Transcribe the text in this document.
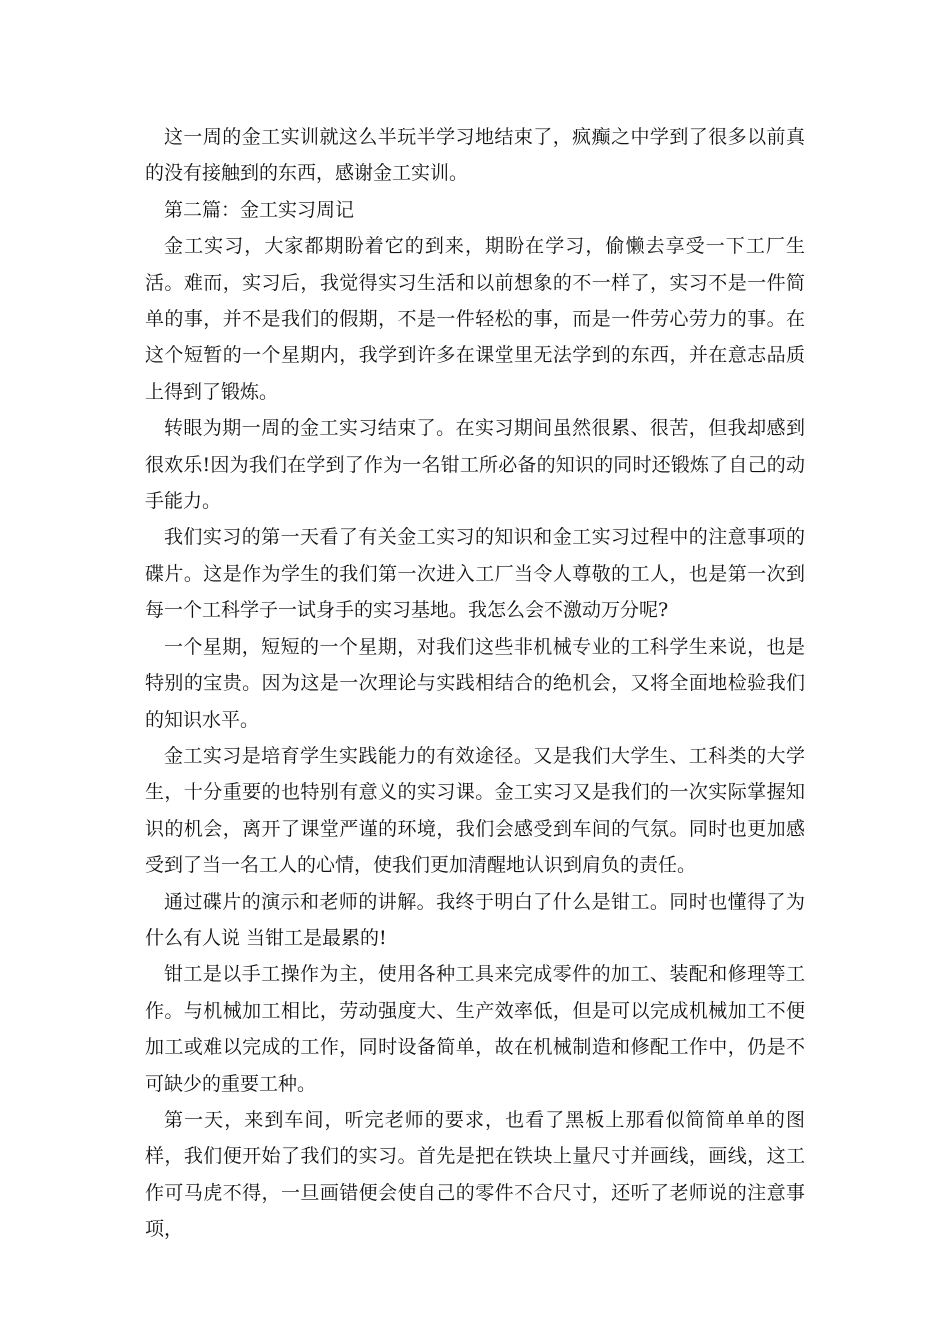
这一周的金工实训就这么半玩半学习地结束了，疯癫之中学到了很多以前真的没有接触到的东西，感谢金工实训。

第二篇：金工实习周记

金工实习，大家都期盼着它的到来，期盼在学习，偷懒去享受一下工厂生活。难而，实习后，我觉得实习生活和以前想象的不一样了，实习不是一件简单的事，并不是我们的假期，不是一件轻松的事，而是一件劳心劳力的事。在这个短暂的一个星期内，我学到许多在课堂里无法学到的东西，并在意志品质上得到了锻炼。

转眼为期一周的金工实习结束了。在实习期间虽然很累、很苦，但我却感到很欢乐!因为我们在学到了作为一名钳工所必备的知识的同时还锻炼了自己的动手能力。

我们实习的第一天看了有关金工实习的知识和金工实习过程中的注意事项的碟片。这是作为学生的我们第一次进入工厂当令人尊敬的工人，也是第一次到每一个工科学子一试身手的实习基地。我怎么会不激动万分呢?

一个星期，短短的一个星期，对我们这些非机械专业的工科学生来说，也是特别的宝贵。因为这是一次理论与实践相结合的绝机会，又将全面地检验我们的知识水平。

金工实习是培育学生实践能力的有效途径。又是我们大学生、工科类的大学生，十分重要的也特别有意义的实习课。金工实习又是我们的一次实际掌握知识的机会，离开了课堂严谨的环境，我们会感受到车间的气氛。同时也更加感受到了当一名工人的心情，使我们更加清醒地认识到肩负的责任。

通过碟片的演示和老师的讲解。我终于明白了什么是钳工。同时也懂得了为什么有人说 当钳工是最累的!

钳工是以手工操作为主，使用各种工具来完成零件的加工、装配和修理等工作。与机械加工相比，劳动强度大、生产效率低，但是可以完成机械加工不便加工或难以完成的工作，同时设备简单，故在机械制造和修配工作中，仍是不可缺少的重要工种。

第一天，来到车间，听完老师的要求，也看了黑板上那看似简简单单的图样，我们便开始了我们的实习。首先是把在铁块上量尺寸并画线，画线，这工作可马虎不得，一旦画错便会使自己的零件不合尺寸，还听了老师说的注意事项，
